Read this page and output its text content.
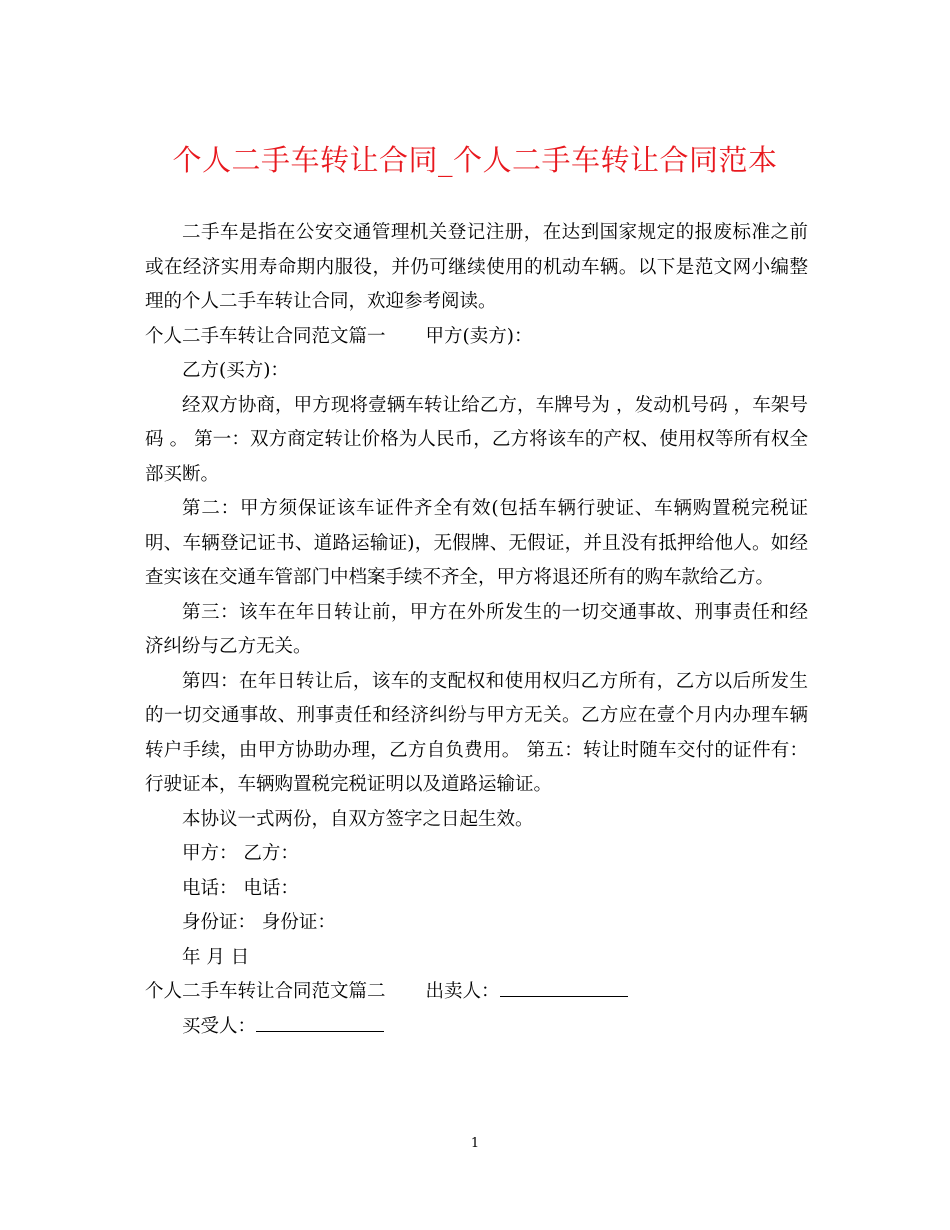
个人二手车转让合同_个人二手车转让合同范本

二手车是指在公安交通管理机关登记注册，在达到国家规定的报废标准之前或在经济实用寿命期内服役，并仍可继续使用的机动车辆。以下是范文网小编整理的个人二手车转让合同，欢迎参考阅读。

个人二手车转让合同范文篇一 甲方(卖方)：

乙方(买方)：

经双方协商，甲方现将壹辆车转让给乙方，车牌号为 ，发动机号码 ，车架号码 。 第一：双方商定转让价格为人民币，乙方将该车的产权、使用权等所有权全部买断。

第二：甲方须保证该车证件齐全有效(包括车辆行驶证、车辆购置税完税证明、车辆登记证书、道路运输证)，无假牌、无假证，并且没有抵押给他人。如经查实该在交通车管部门中档案手续不齐全，甲方将退还所有的购车款给乙方。

第三：该车在年日转让前，甲方在外所发生的一切交通事故、刑事责任和经济纠纷与乙方无关。

第四：在年日转让后，该车的支配权和使用权归乙方所有，乙方以后所发生的一切交通事故、刑事责任和经济纠纷与甲方无关。乙方应在壹个月内办理车辆转户手续，由甲方协助办理，乙方自负费用。 第五：转让时随车交付的证件有：行驶证本，车辆购置税完税证明以及道路运输证。

本协议一式两份，自双方签字之日起生效。

甲方： 乙方：

电话： 电话：

身份证： 身份证：

年 月 日

个人二手车转让合同范文篇二 出卖人：

买受人：

1
